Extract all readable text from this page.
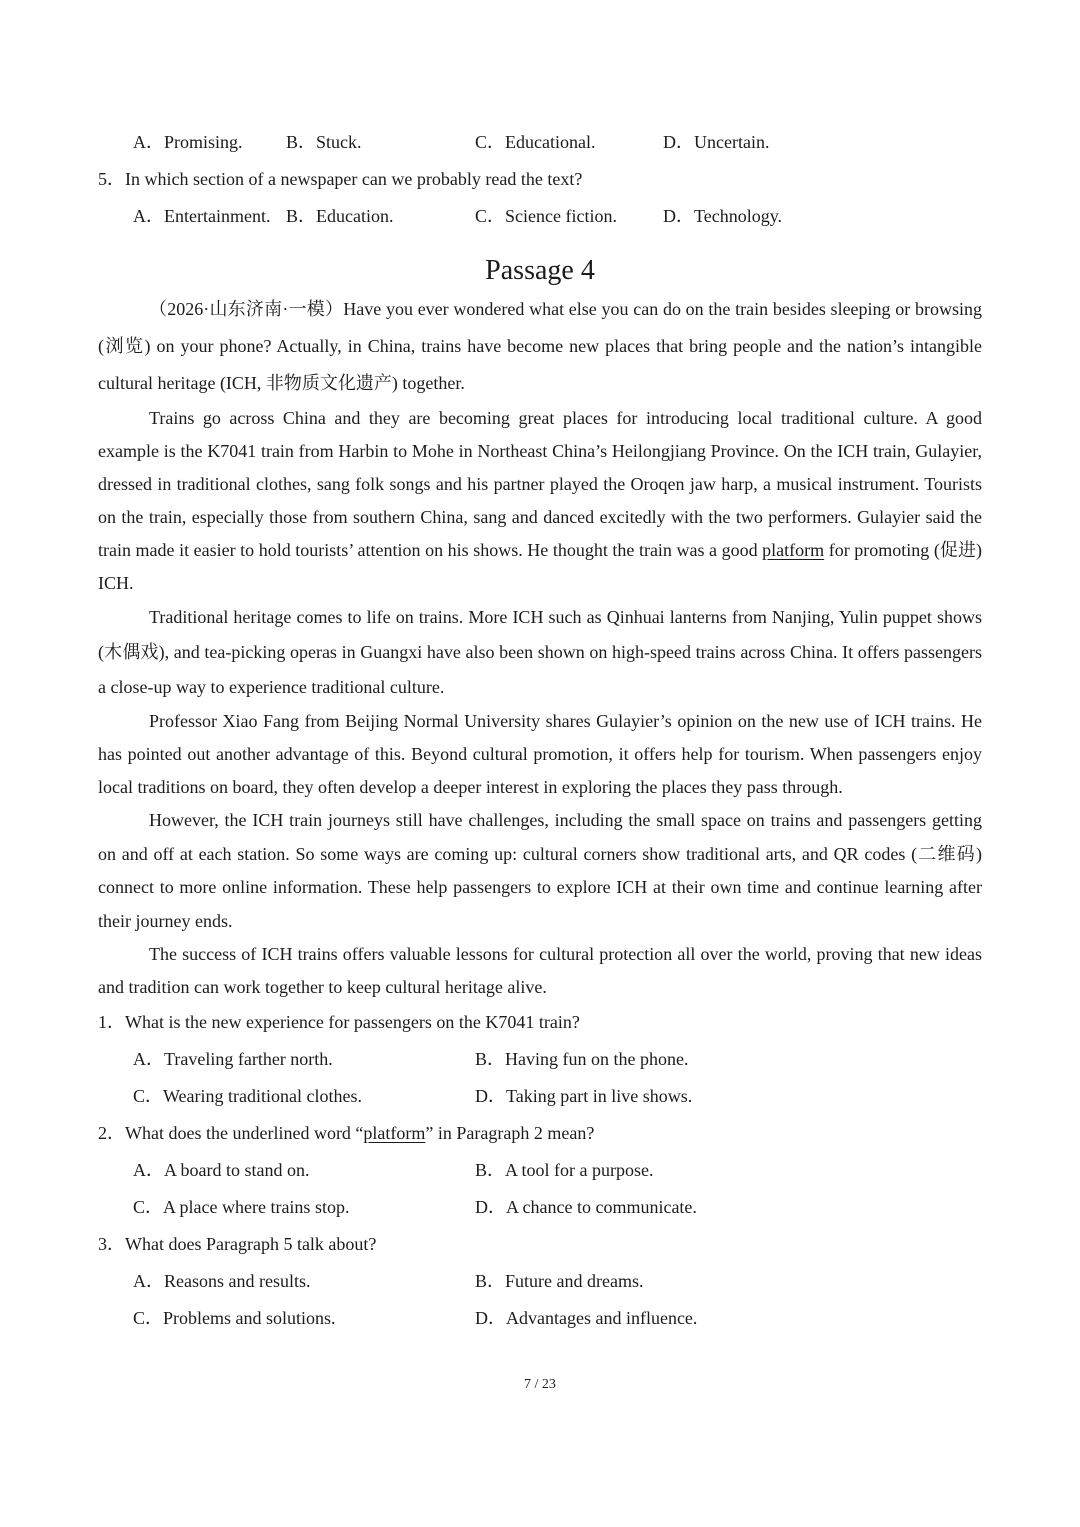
A．Promising. B．Stuck.	C．Educational.	D．Uncertain.
5．In which section of a newspaper can we probably read the text?
A．Entertainment. B．Education.	C．Science fiction.	D．Technology.
Passage 4

（2026·山东济南·一模）Have you ever wondered what else you can do on the train besides sleeping or browsing (浏览) on your phone? Actually, in China, trains have become new places that bring people and the nation’s intangible cultural heritage (ICH, 非物质文化遗产) together.

Trains go across China and they are becoming great places for introducing local traditional culture. A good example is the K7041 train from Harbin to Mohe in Northeast China’s Heilongjiang Province. On the ICH train, Gulayier, dressed in traditional clothes, sang folk songs and his partner played the Oroqen jaw harp, a musical instrument. Tourists on the train, especially those from southern China, sang and danced excitedly with the two performers. Gulayier said the train made it easier to hold tourists’ attention on his shows. He thought the train was a good platform for promoting (促进) ICH.

Traditional heritage comes to life on trains. More ICH such as Qinhuai lanterns from Nanjing, Yulin puppet shows (木偶戏), and tea-picking operas in Guangxi have also been shown on high-speed trains across China. It offers passengers a close-up way to experience traditional culture.

Professor Xiao Fang from Beijing Normal University shares Gulayier’s opinion on the new use of ICH trains. He has pointed out another advantage of this. Beyond cultural promotion, it offers help for tourism. When passengers enjoy local traditions on board, they often develop a deeper interest in exploring the places they pass through.

However, the ICH train journeys still have challenges, including the small space on trains and passengers getting on and off at each station. So some ways are coming up: cultural corners show traditional arts, and QR codes (二维码) connect to more online information. These help passengers to explore ICH at their own time and continue learning after their journey ends.

The success of ICH trains offers valuable lessons for cultural protection all over the world, proving that new ideas and tradition can work together to keep cultural heritage alive.

1．What is the new experience for passengers on the K7041 train?
A．Traveling farther north.	B．Having fun on the phone.
C．Wearing traditional clothes.	D．Taking part in live shows.
2．What does the underlined word “platform” in Paragraph 2 mean?
A．A board to stand on.	B．A tool for a purpose.
C．A place where trains stop.	D．A chance to communicate.
3．What does Paragraph 5 talk about?
A．Reasons and results.	B．Future and dreams.
C．Problems and solutions.	D．Advantages and influence.
7 / 23
